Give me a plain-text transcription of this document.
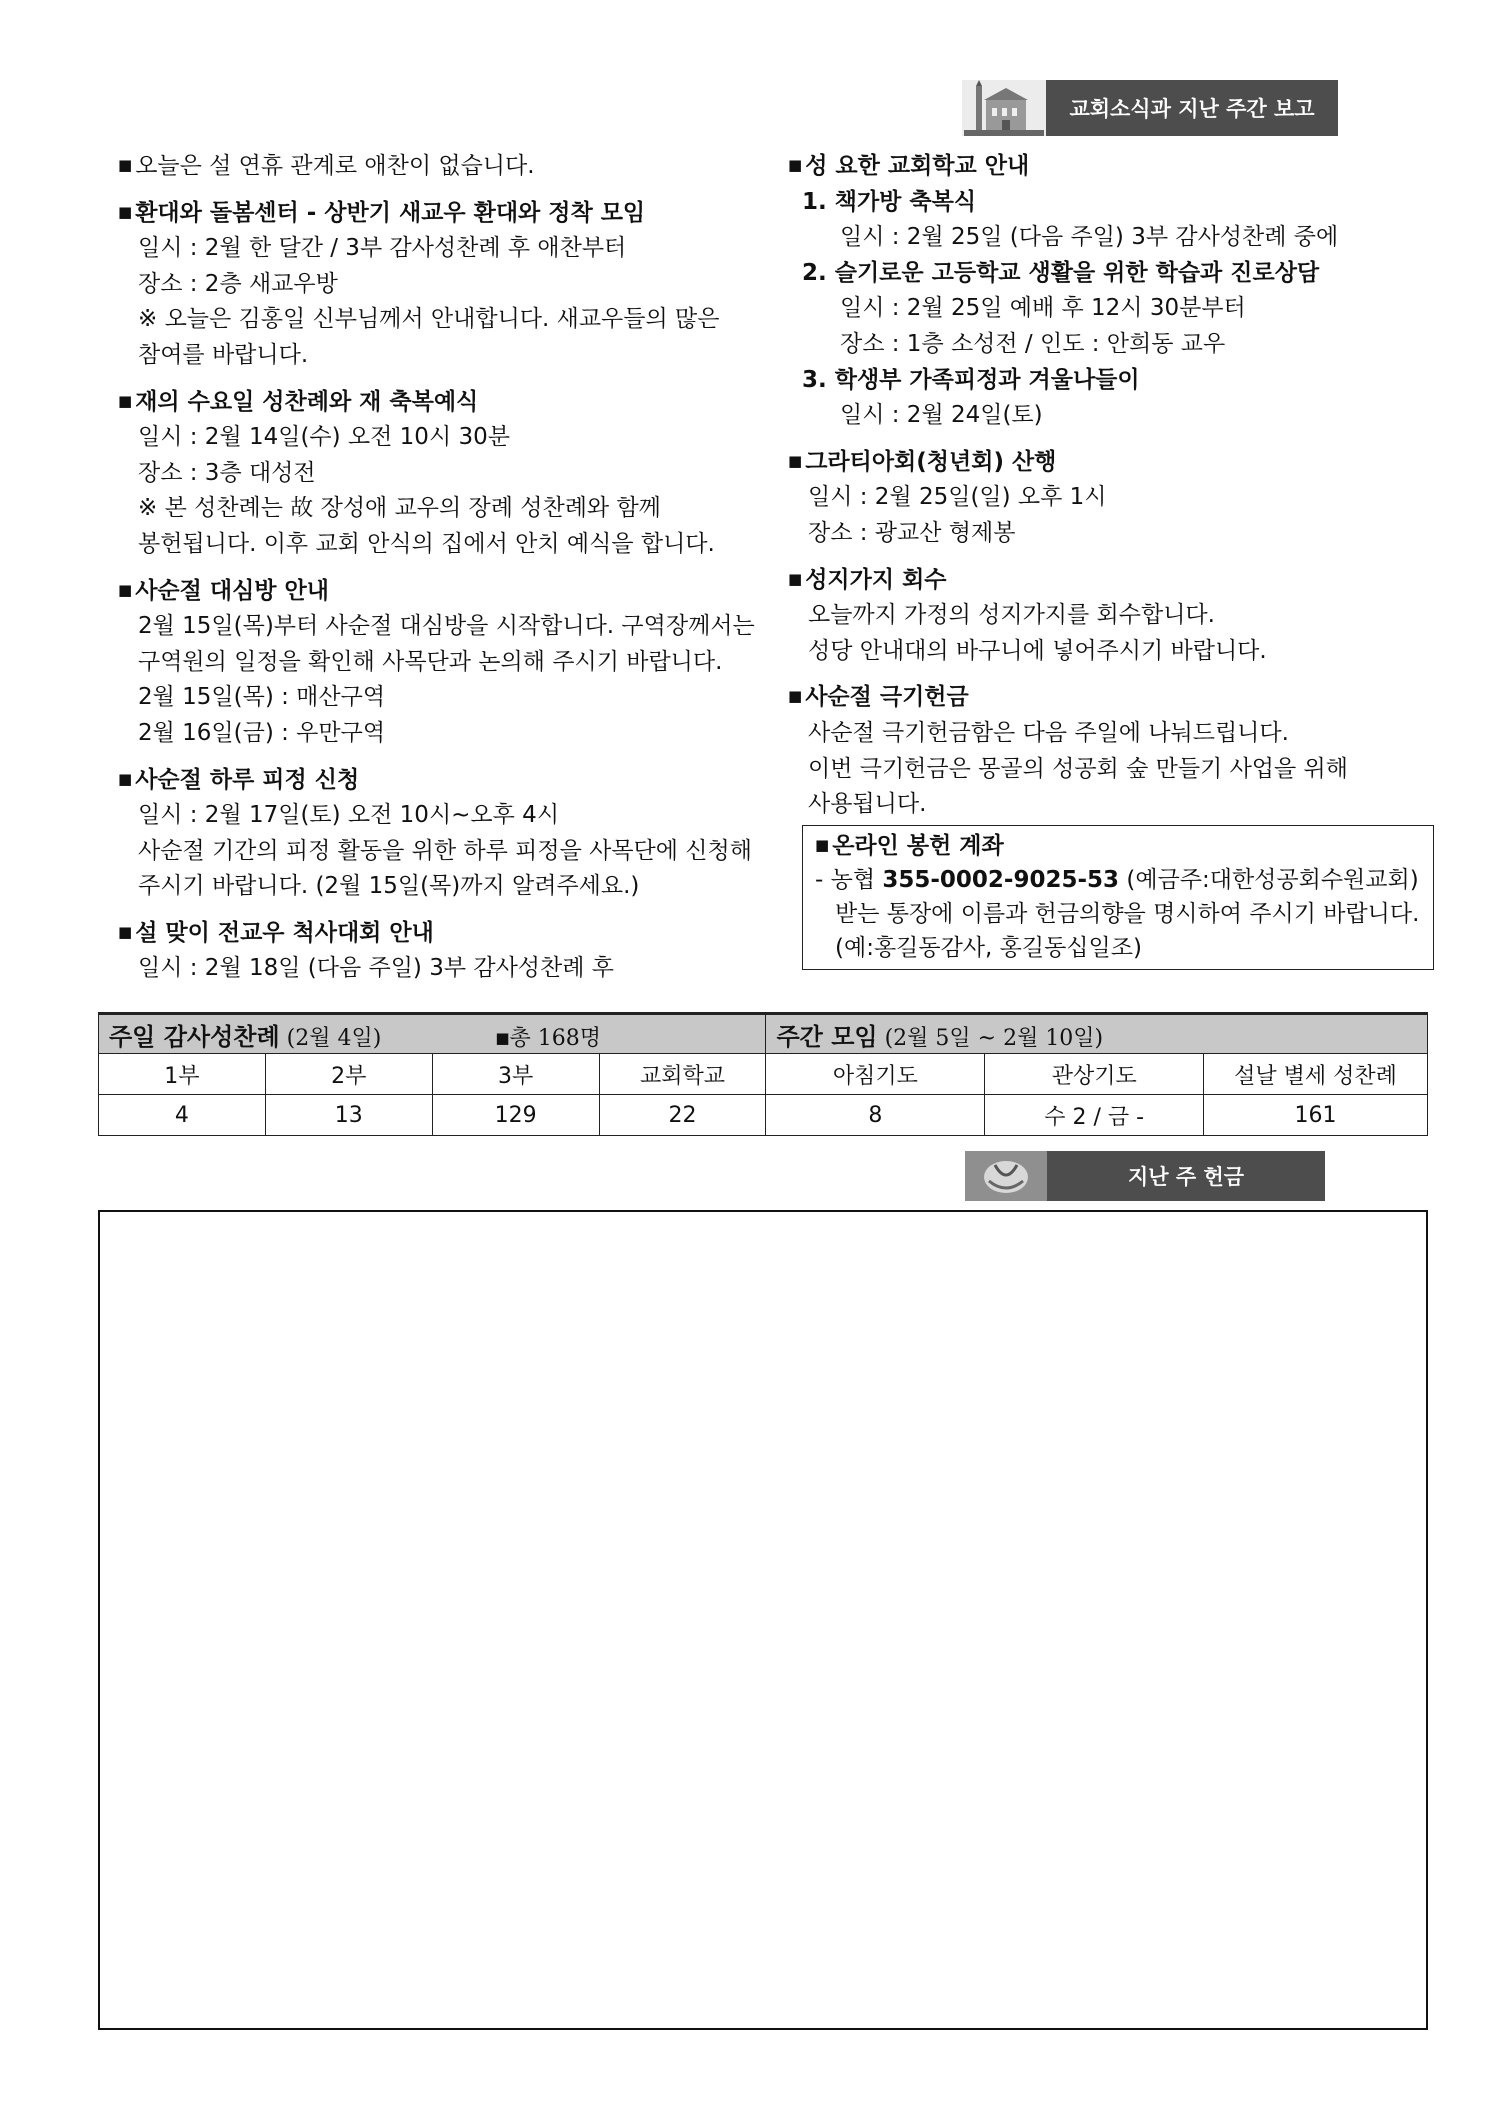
교회소식과 지난 주간 보고
■ 오늘은 설 연휴 관계로 애찬이 없습니다.
■ 환대와 돌봄센터 - 상반기 새교우 환대와 정착 모임
일시 : 2월 한 달간 / 3부 감사성찬례 후 애찬부터
장소 : 2층 새교우방
※ 오늘은 김홍일 신부님께서 안내합니다. 새교우들의 많은
참여를 바랍니다.
■ 재의 수요일 성찬례와 재 축복예식
일시 : 2월 14일(수) 오전 10시 30분
장소 : 3층 대성전
※ 본 성찬례는 故 장성애 교우의 장례 성찬례와 함께
봉헌됩니다. 이후 교회 안식의 집에서 안치 예식을 합니다.
■ 사순절 대심방 안내
2월 15일(목)부터 사순절 대심방을 시작합니다. 구역장께서는
구역원의 일정을 확인해 사목단과 논의해 주시기 바랍니다.
2월 15일(목) : 매산구역
2월 16일(금) : 우만구역
■ 사순절 하루 피정 신청
일시 : 2월 17일(토) 오전 10시~오후 4시
사순절 기간의 피정 활동을 위한 하루 피정을 사목단에 신청해
주시기 바랍니다. (2월 15일(목)까지 알려주세요.)
■ 설 맞이 전교우 척사대회 안내
일시 : 2월 18일 (다음 주일) 3부 감사성찬례 후
■ 성 요한 교회학교 안내
1. 책가방 축복식
일시 : 2월 25일 (다음 주일) 3부 감사성찬례 중에
2. 슬기로운 고등학교 생활을 위한 학습과 진로상담
일시 : 2월 25일 예배 후 12시 30분부터
장소 : 1층 소성전 / 인도 : 안희동 교우
3. 학생부 가족피정과 겨울나들이
일시 : 2월 24일(토)
■ 그라티아회(청년회) 산행
일시 : 2월 25일(일) 오후 1시
장소 : 광교산 형제봉
■ 성지가지 회수
오늘까지 가정의 성지가지를 회수합니다.
성당 안내대의 바구니에 넣어주시기 바랍니다.
■ 사순절 극기헌금
사순절 극기헌금함은 다음 주일에 나눠드립니다.
이번 극기헌금은 몽골의 성공회 숲 만들기 사업을 위해
사용됩니다.
■ 온라인 봉헌 계좌
- 농협 355-0002-9025-53 (예금주:대한성공회수원교회)
받는 통장에 이름과 헌금의향을 명시하여 주시기 바랍니다.
(예:홍길동감사, 홍길동십일조)
주일 감사성찬례 (2월 4일) ■총 168명				주간 모임 (2월 5일 ~ 2월 10일)		
1부	2부	3부	교회학교	아침기도	관상기도	설날 별세 성찬례
4	13	129	22	8	수 2 / 금 -	161
지난 주 헌금
